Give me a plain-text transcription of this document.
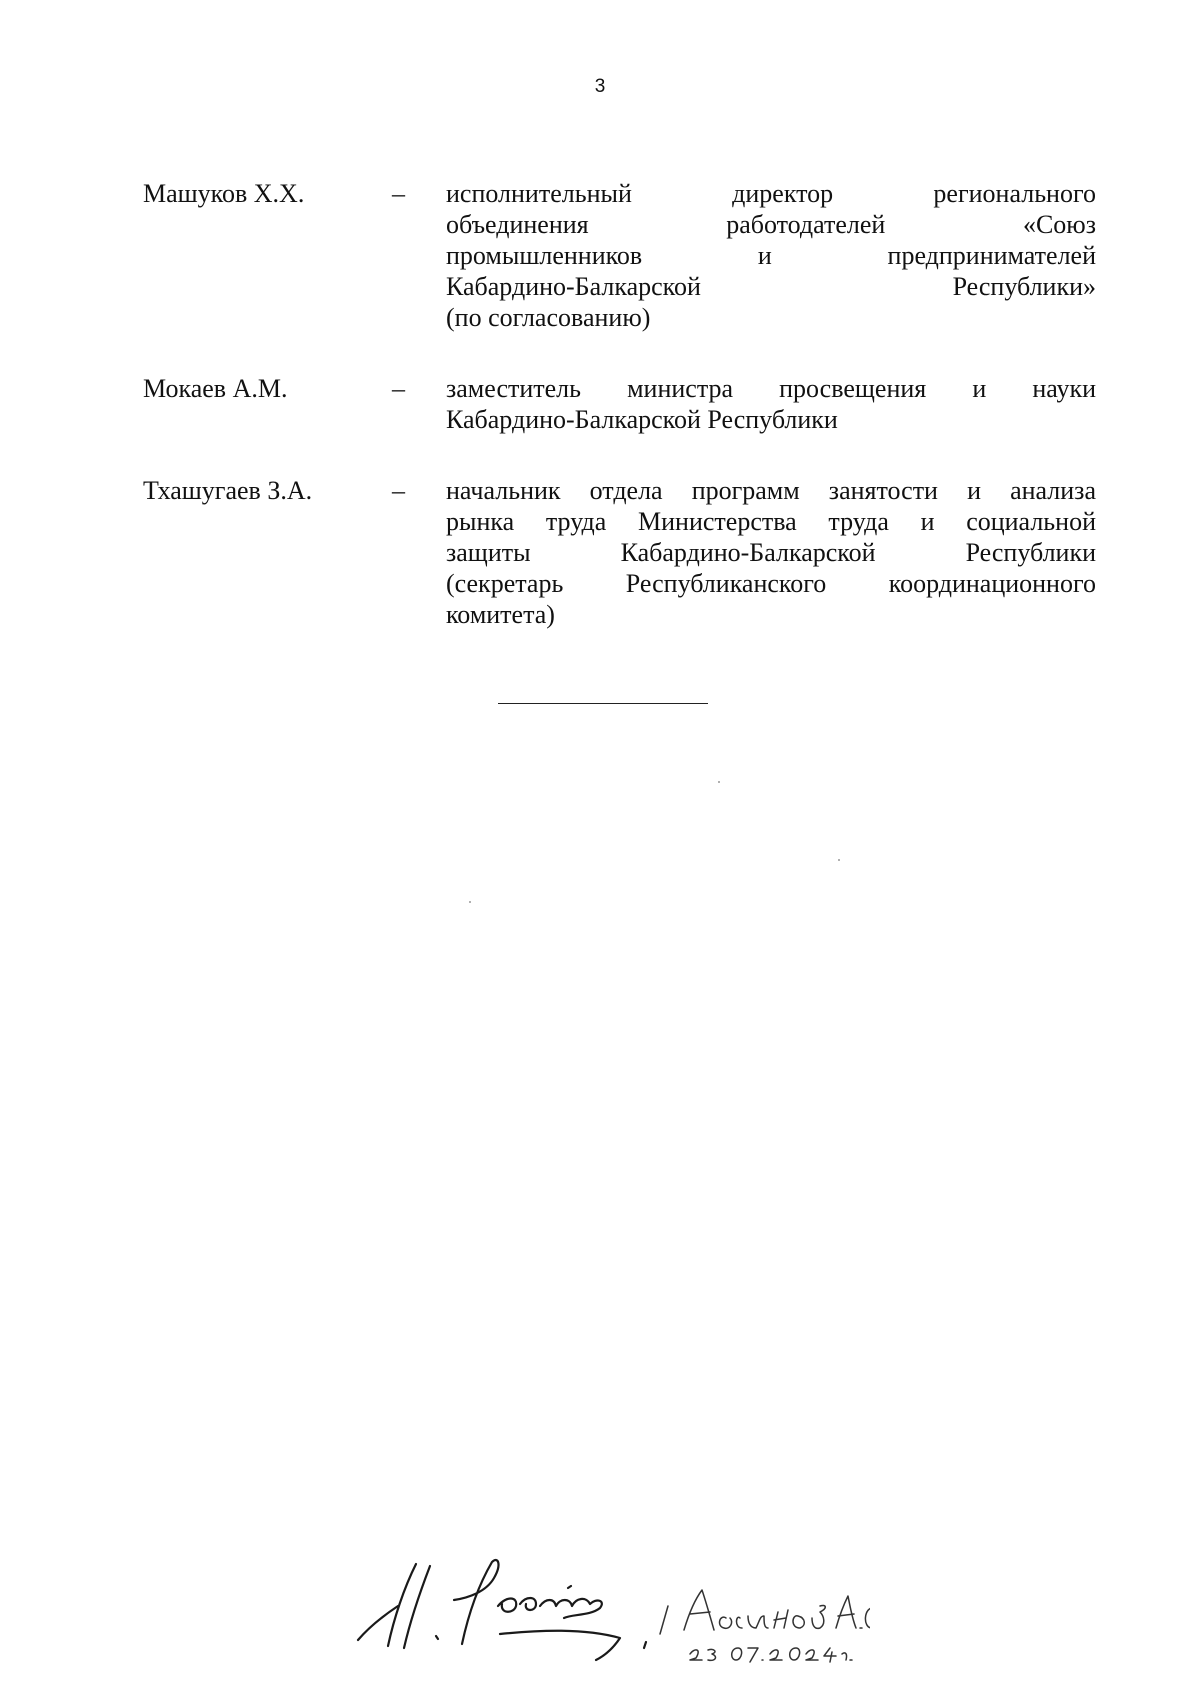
3
Машуков Х.Х.	– исполнительный директор регионального
объединения работодателей «Союз
промышленников и предпринимателей
Кабардино-Балкарской Республики»
(по согласованию)
Мокаев А.М.	– заместитель министра просвещения и науки
Кабардино-Балкарской Республики
Тхашугаев З.А.	– начальник отдела программ занятости и анализа
рынка труда Министерства труда и социальной
защиты Кабардино-Балкарской Республики
(секретарь Республиканского координационного
комитета)
